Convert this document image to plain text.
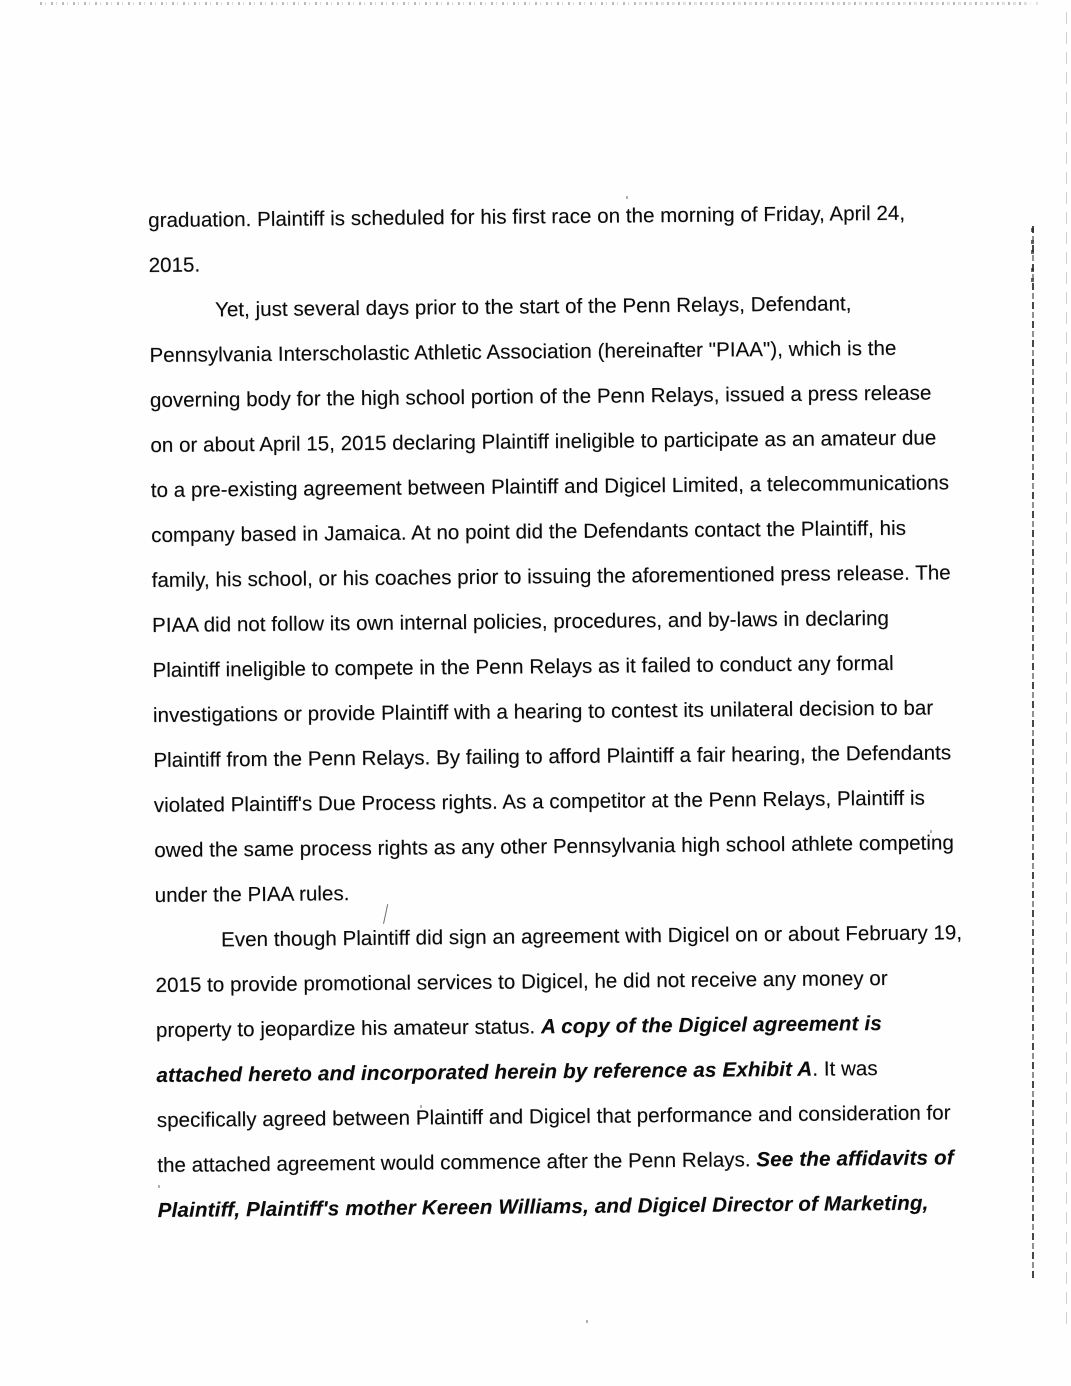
graduation. Plaintiff is scheduled for his first race on the morning of Friday, April 24,
2015.

Yet, just several days prior to the start of the Penn Relays, Defendant,
Pennsylvania Interscholastic Athletic Association (hereinafter "PIAA"), which is the
governing body for the high school portion of the Penn Relays, issued a press release
on or about April 15, 2015 declaring Plaintiff ineligible to participate as an amateur due
to a pre-existing agreement between Plaintiff and Digicel Limited, a telecommunications
company based in Jamaica. At no point did the Defendants contact the Plaintiff, his
family, his school, or his coaches prior to issuing the aforementioned press release. The
PIAA did not follow its own internal policies, procedures, and by-laws in declaring
Plaintiff ineligible to compete in the Penn Relays as it failed to conduct any formal
investigations or provide Plaintiff with a hearing to contest its unilateral decision to bar
Plaintiff from the Penn Relays. By failing to afford Plaintiff a fair hearing, the Defendants
violated Plaintiff's Due Process rights. As a competitor at the Penn Relays, Plaintiff is
owed the same process rights as any other Pennsylvania high school athlete competing
under the PIAA rules.

Even though Plaintiff did sign an agreement with Digicel on or about February 19,
2015 to provide promotional services to Digicel, he did not receive any money or
property to jeopardize his amateur status. A copy of the Digicel agreement is
attached hereto and incorporated herein by reference as Exhibit A. It was
specifically agreed between Plaintiff and Digicel that performance and consideration for
the attached agreement would commence after the Penn Relays. See the affidavits of
Plaintiff, Plaintiff's mother Kereen Williams, and Digicel Director of Marketing,
